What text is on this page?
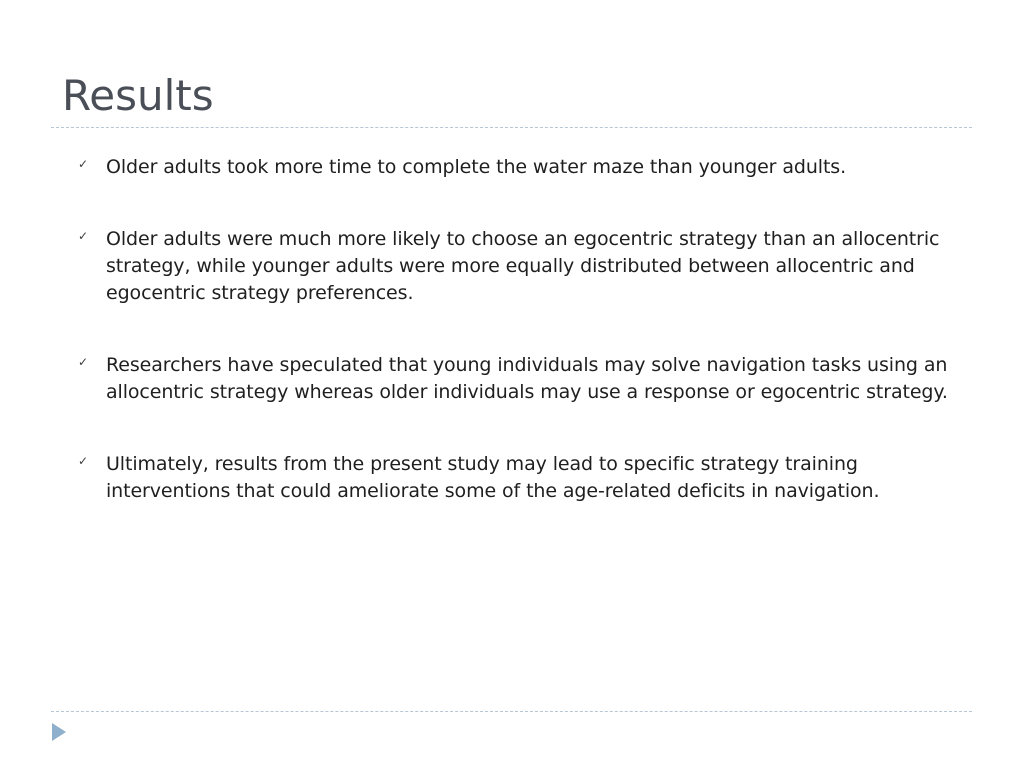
Results
✓ Older adults took more time to complete the water maze than younger adults.
✓ Older adults were much more likely to choose an egocentric strategy than an allocentric strategy, while younger adults were more equally distributed between allocentric and egocentric strategy preferences.
✓ Researchers have speculated that young individuals may solve navigation tasks using an allocentric strategy whereas older individuals may use a response or egocentric strategy.
✓ Ultimately, results from the present study may lead to specific strategy training interventions that could ameliorate some of the age-related deficits in navigation.
